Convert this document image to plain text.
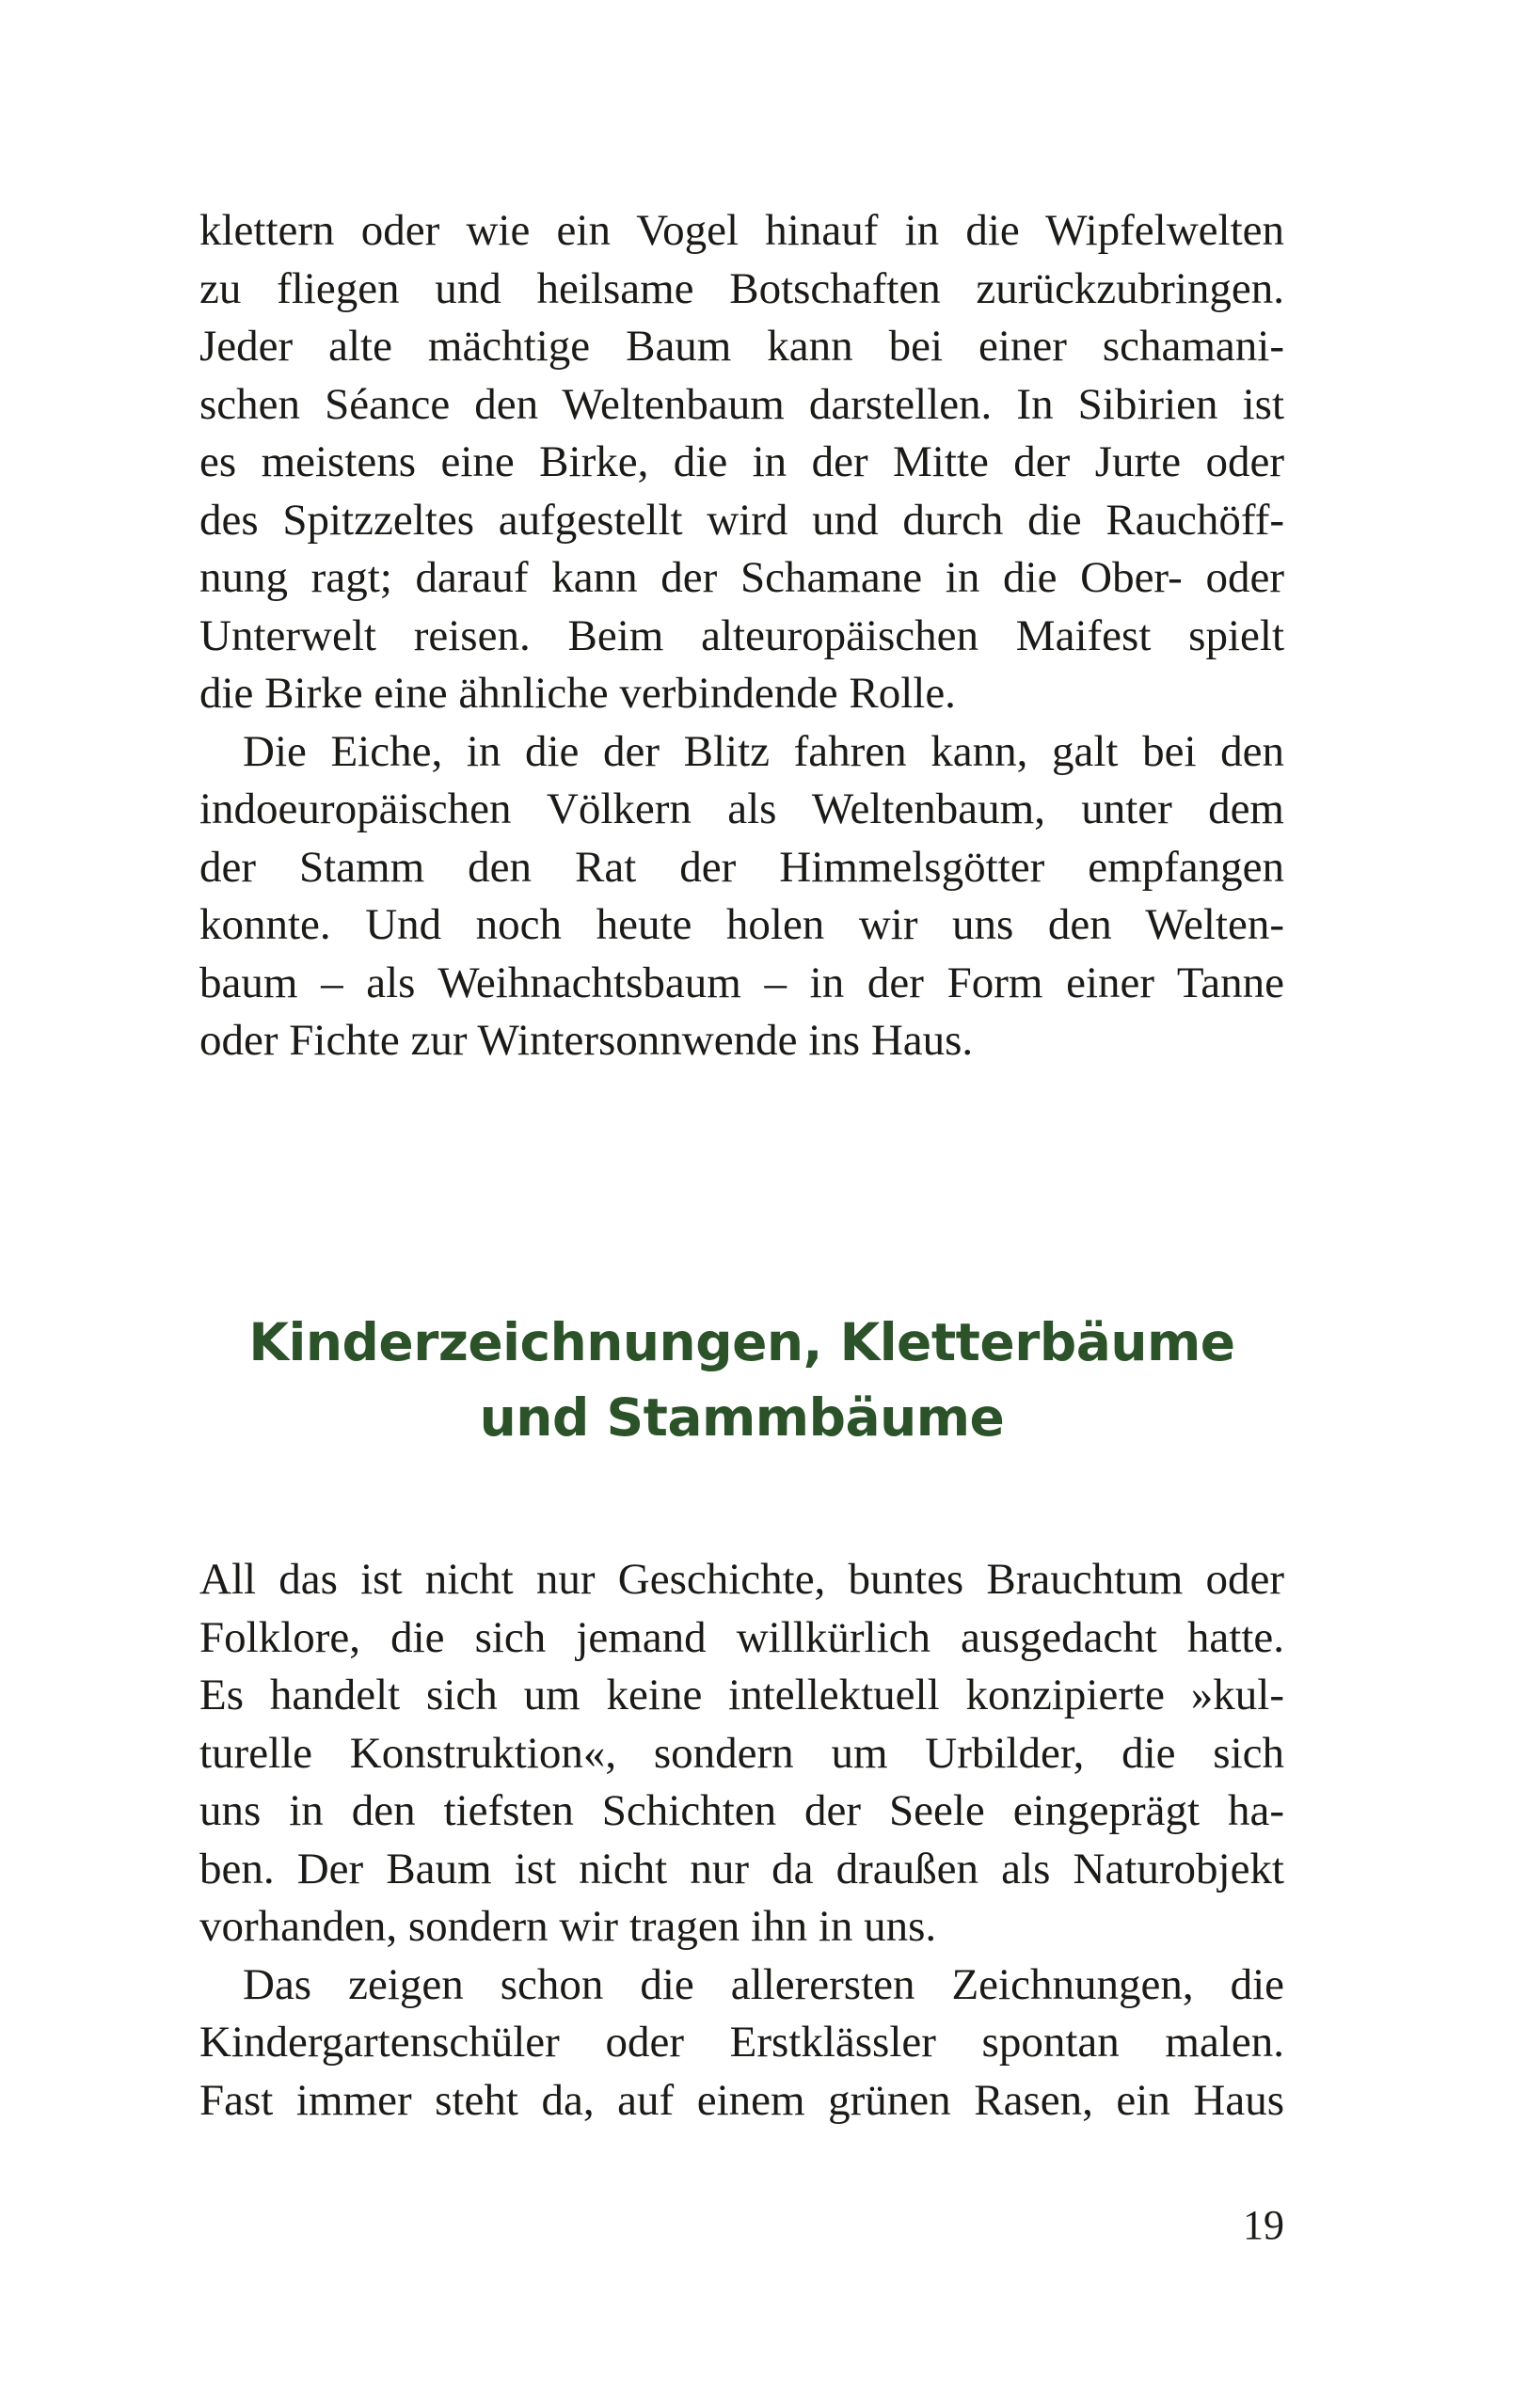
klettern oder wie ein Vogel hinauf in die Wipfelwelten
zu fliegen und heilsame Botschaften zurückzubringen.
Jeder alte mächtige Baum kann bei einer schamani-
schen Séance den Weltenbaum darstellen. In Sibirien ist
es meistens eine Birke, die in der Mitte der Jurte oder
des Spitzzeltes aufgestellt wird und durch die Rauchöff-
nung ragt; darauf kann der Schamane in die Ober- oder
Unterwelt reisen. Beim alteuropäischen Maifest spielt
die Birke eine ähnliche verbindende Rolle.
Die Eiche, in die der Blitz fahren kann, galt bei den
indoeuropäischen Völkern als Weltenbaum, unter dem
der Stamm den Rat der Himmelsgötter empfangen
konnte. Und noch heute holen wir uns den Welten-
baum – als Weihnachtsbaum – in der Form einer Tanne
oder Fichte zur Wintersonnwende ins Haus.
Kinderzeichnungen, Kletterbäume
und Stammbäume
All das ist nicht nur Geschichte, buntes Brauchtum oder
Folklore, die sich jemand willkürlich ausgedacht hatte.
Es handelt sich um keine intellektuell konzipierte »kul-
turelle Konstruktion«, sondern um Urbilder, die sich
uns in den tiefsten Schichten der Seele eingeprägt ha-
ben. Der Baum ist nicht nur da draußen als Naturobjekt
vorhanden, sondern wir tragen ihn in uns.
Das zeigen schon die allerersten Zeichnungen, die
Kindergartenschüler oder Erstklässler spontan malen.
Fast immer steht da, auf einem grünen Rasen, ein Haus
19
